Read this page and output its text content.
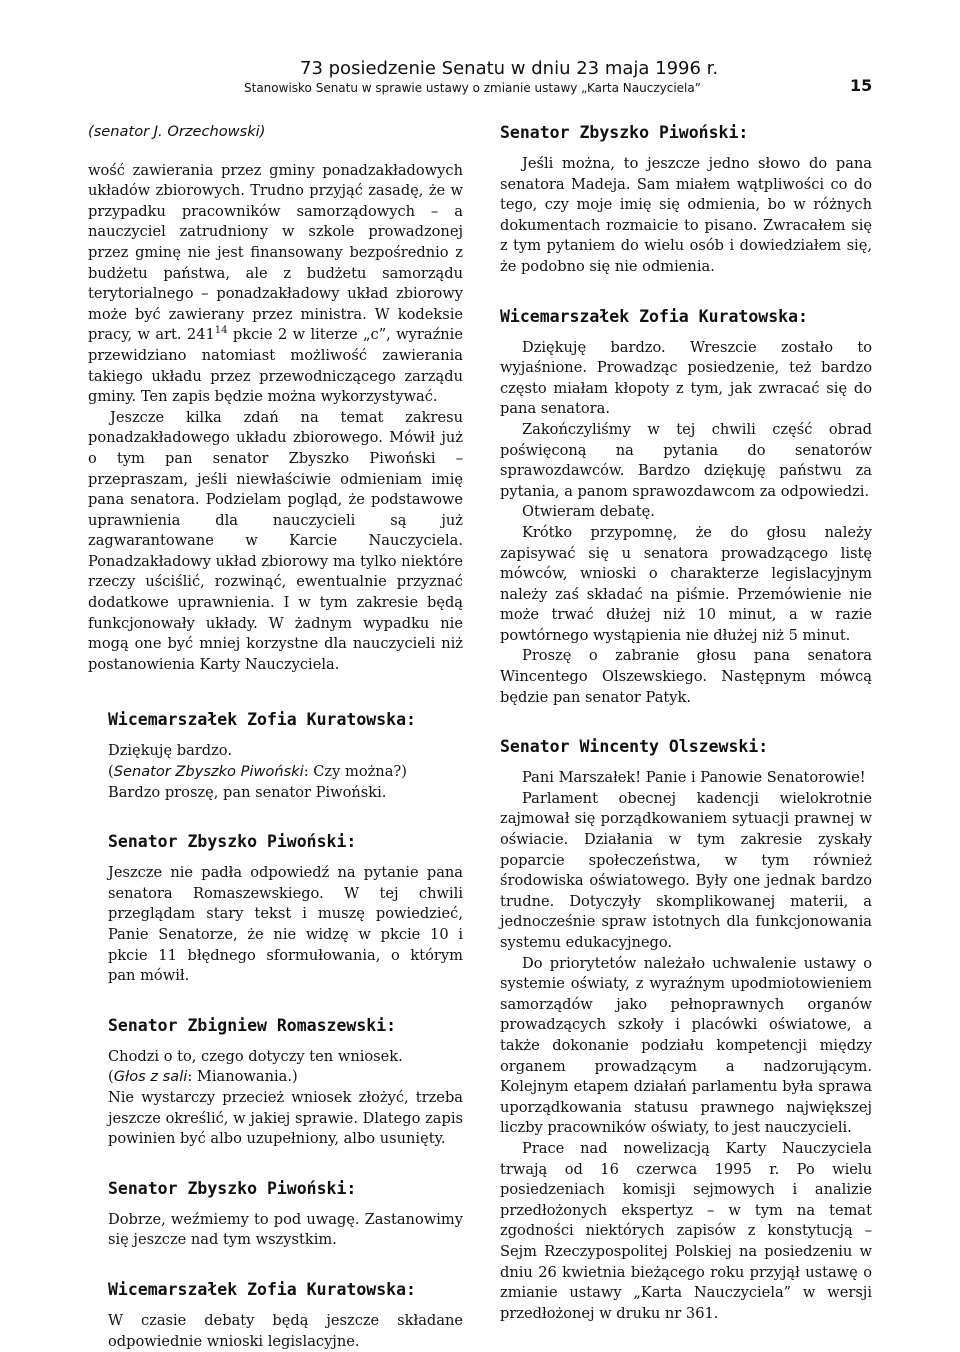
73 posiedzenie Senatu w dniu 23 maja 1996 r.
Stanowisko Senatu w sprawie ustawy o zmianie ustawy „Karta Nauczyciela”	15
(senator J. Orzechowski)

wość zawierania przez gminy ponadzakładowych układów zbiorowych. Trudno przyjąć zasadę, że w przypadku pracowników samorządowych – a nauczyciel zatrudniony w szkole prowadzonej przez gminę nie jest finansowany bezpośrednio z budżetu państwa, ale z budżetu samorządu terytorialnego – ponadzakładowy układ zbiorowy może być zawierany przez ministra. W kodeksie pracy, w art. $241^{14}$ pkcie 2 w literze „c”, wyraźnie przewidziano natomiast możliwość zawierania takiego układu przez przewodniczącego zarządu gminy. Ten zapis będzie można wykorzystywać.

Jeszcze kilka zdań na temat zakresu ponadzakładowego układu zbiorowego. Mówił już o tym pan senator Zbyszko Piwoński – przepraszam, jeśli niewłaściwie odmieniam imię pana senatora. Podzielam pogląd, że podstawowe uprawnienia dla nauczycieli są już zagwarantowane w Karcie Nauczyciela. Ponadzakładowy układ zbiorowy ma tylko niektóre rzeczy uściślić, rozwinąć, ewentualnie przyznać dodatkowe uprawnienia. I w tym zakresie będą funkcjonowały układy. W żadnym wypadku nie mogą one być mniej korzystne dla nauczycieli niż postanowienia Karty Nauczyciela.

Wicemarszałek Zofia Kuratowska:

Dziękuję bardzo.

(Senator Zbyszko Piwoński: Czy można?)

Bardzo proszę, pan senator Piwoński.

Senator Zbyszko Piwoński:

Jeszcze nie padła odpowiedź na pytanie pana senatora Romaszewskiego. W tej chwili przeglądam stary tekst i muszę powiedzieć, Panie Senatorze, że nie widzę w pkcie 10 i pkcie 11 błędnego sformułowania, o którym pan mówił.

Senator Zbigniew Romaszewski:

Chodzi o to, czego dotyczy ten wniosek.

(Głos z sali: Mianowania.)

Nie wystarczy przecież wniosek złożyć, trzeba jeszcze określić, w jakiej sprawie. Dlatego zapis powinien być albo uzupełniony, albo usunięty.

Senator Zbyszko Piwoński:

Dobrze, weźmiemy to pod uwagę. Zastanowimy się jeszcze nad tym wszystkim.

Wicemarszałek Zofia Kuratowska:

W czasie debaty będą jeszcze składane odpowiednie wnioski legislacyjne.

Senator Zbyszko Piwoński:

Jeśli można, to jeszcze jedno słowo do pana senatora Madeja. Sam miałem wątpliwości co do tego, czy moje imię się odmienia, bo w różnych dokumentach rozmaicie to pisano. Zwracałem się z tym pytaniem do wielu osób i dowiedziałem się, że podobno się nie odmienia.

Wicemarszałek Zofia Kuratowska:

Dziękuję bardzo. Wreszcie zostało to wyjaśnione. Prowadząc posiedzenie, też bardzo często miałam kłopoty z tym, jak zwracać się do pana senatora.

Zakończyliśmy w tej chwili część obrad poświęconą na pytania do senatorów sprawozdawców. Bardzo dziękuję państwu za pytania, a panom sprawozdawcom za odpowiedzi.

Otwieram debatę.

Krótko przypomnę, że do głosu należy zapisywać się u senatora prowadzącego listę mówców, wnioski o charakterze legislacyjnym należy zaś składać na piśmie. Przemówienie nie może trwać dłużej niż 10 minut, a w razie powtórnego wystąpienia nie dłużej niż 5 minut.

Proszę o zabranie głosu pana senatora Wincentego Olszewskiego. Następnym mówcą będzie pan senator Patyk.

Senator Wincenty Olszewski:

Pani Marszałek! Panie i Panowie Senatorowie!

Parlament obecnej kadencji wielokrotnie zajmował się porządkowaniem sytuacji prawnej w oświacie. Działania w tym zakresie zyskały poparcie społeczeństwa, w tym również środowiska oświatowego. Były one jednak bardzo trudne. Dotyczyły skomplikowanej materii, a jednocześnie spraw istotnych dla funkcjonowania systemu edukacyjnego.

Do priorytetów należało uchwalenie ustawy o systemie oświaty, z wyraźnym upodmiotowieniem samorządów jako pełnoprawnych organów prowadzących szkoły i placówki oświatowe, a także dokonanie podziału kompetencji między organem prowadzącym a nadzorującym. Kolejnym etapem działań parlamentu była sprawa uporządkowania statusu prawnego największej liczby pracowników oświaty, to jest nauczycieli.

Prace nad nowelizacją Karty Nauczyciela trwają od 16 czerwca 1995 r. Po wielu posiedzeniach komisji sejmowych i analizie przedłożonych ekspertyz – w tym na temat zgodności niektórych zapisów z konstytucją – Sejm Rzeczypospolitej Polskiej na posiedzeniu w dniu 26 kwietnia bieżącego roku przyjął ustawę o zmianie ustawy „Karta Nauczyciela” w wersji przedłożonej w druku nr 361.
